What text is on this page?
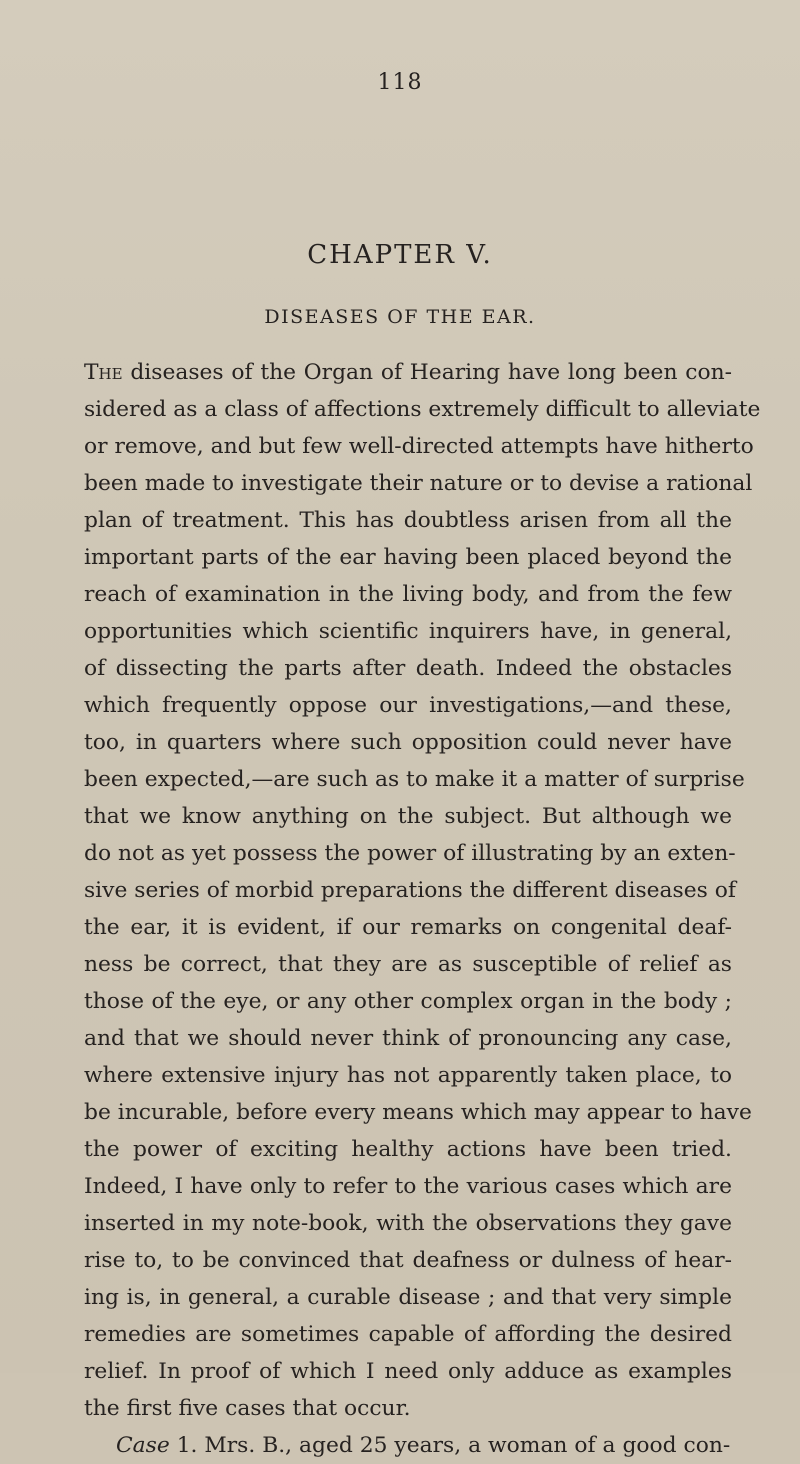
118
CHAPTER V.
DISEASES OF THE EAR.
The diseases of the Organ of Hearing have long been con-
sidered as a class of affections extremely difficult to alleviate
or remove, and but few well-directed attempts have hitherto
been made to investigate their nature or to devise a rational
plan of treatment. This has doubtless arisen from all the
important parts of the ear having been placed beyond the
reach of examination in the living body, and from the few
opportunities which scientific inquirers have, in general,
of dissecting the parts after death. Indeed the obstacles
which frequently oppose our investigations,—and these,
too, in quarters where such opposition could never have
been expected,—are such as to make it a matter of surprise
that we know anything on the subject. But although we
do not as yet possess the power of illustrating by an exten-
sive series of morbid preparations the different diseases of
the ear, it is evident, if our remarks on congenital deaf-
ness be correct, that they are as susceptible of relief as
those of the eye, or any other complex organ in the body ;
and that we should never think of pronouncing any case,
where extensive injury has not apparently taken place, to
be incurable, before every means which may appear to have
the power of exciting healthy actions have been tried.
Indeed, I have only to refer to the various cases which are
inserted in my note-book, with the observations they gave
rise to, to be convinced that deafness or dulness of hear-
ing is, in general, a curable disease ; and that very simple
remedies are sometimes capable of affording the desired
relief. In proof of which I need only adduce as examples
the first five cases that occur.
Case 1. Mrs. B., aged 25 years, a woman of a good con-
